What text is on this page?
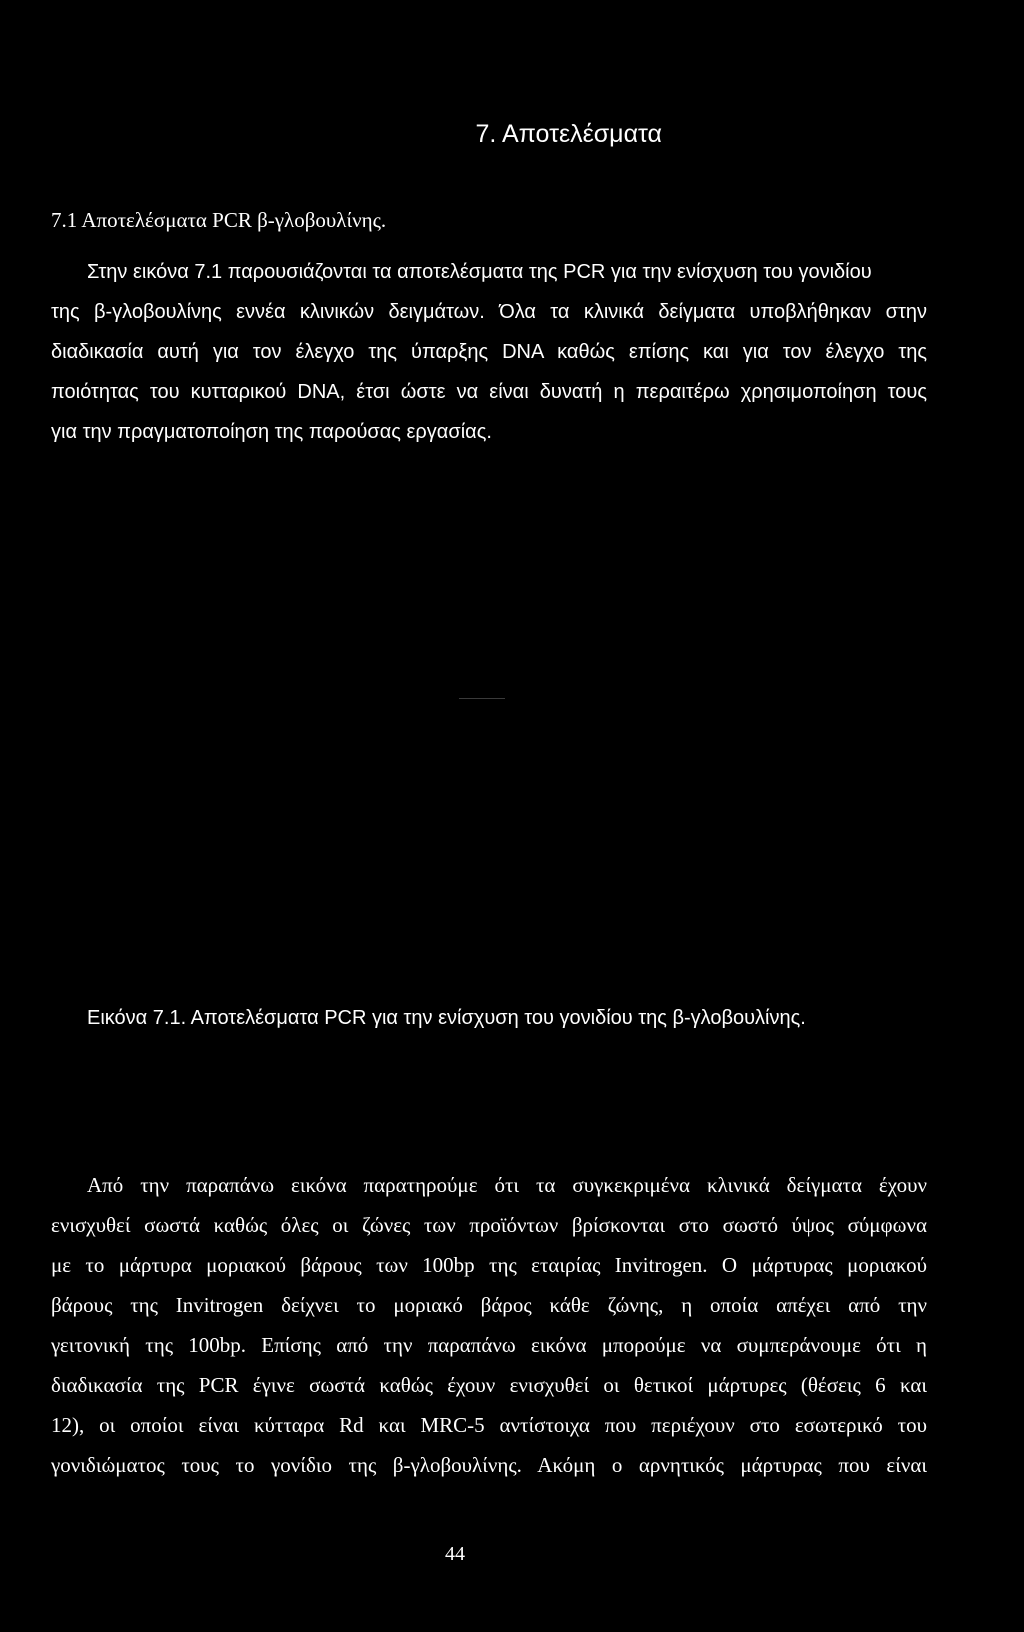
7. Αποτελέσματα
7.1 Αποτελέσματα PCR β-γλοβουλίνης.
Στην εικόνα 7.1 παρουσιάζονται τα αποτελέσματα της PCR για την ενίσχυση του γονιδίου
της β-γλοβουλίνης εννέα κλινικών δειγμάτων. Όλα τα κλινικά δείγματα υποβλήθηκαν στην
διαδικασία αυτή για τον έλεγχο της ύπαρξης DNA καθώς επίσης και για τον έλεγχο της
ποιότητας του κυτταρικού DNA, έτσι ώστε να είναι δυνατή η περαιτέρω χρησιμοποίηση τους
για την πραγματοποίηση της παρούσας εργασίας.
Εικόνα 7.1. Αποτελέσματα PCR για την ενίσχυση του γονιδίου της β-γλοβουλίνης.
Από την παραπάνω εικόνα παρατηρούμε ότι τα συγκεκριμένα κλινικά δείγματα έχουν
ενισχυθεί σωστά καθώς όλες οι ζώνες των προϊόντων βρίσκονται στο σωστό ύψος σύμφωνα
με το μάρτυρα μοριακού βάρους των 100bp της εταιρίας Invitrogen. Ο μάρτυρας μοριακού
βάρους της Invitrogen δείχνει το μοριακό βάρος κάθε ζώνης, η οποία απέχει από την
γειτονική της 100bp. Επίσης από την παραπάνω εικόνα μπορούμε να συμπεράνουμε ότι η
διαδικασία της PCR έγινε σωστά καθώς έχουν ενισχυθεί οι θετικοί μάρτυρες (θέσεις 6 και
12), οι οποίοι είναι κύτταρα Rd και MRC-5 αντίστοιχα που περιέχουν στο εσωτερικό του
γονιδιώματος τους το γονίδιο της β-γλοβουλίνης. Ακόμη ο αρνητικός μάρτυρας που είναι
44
